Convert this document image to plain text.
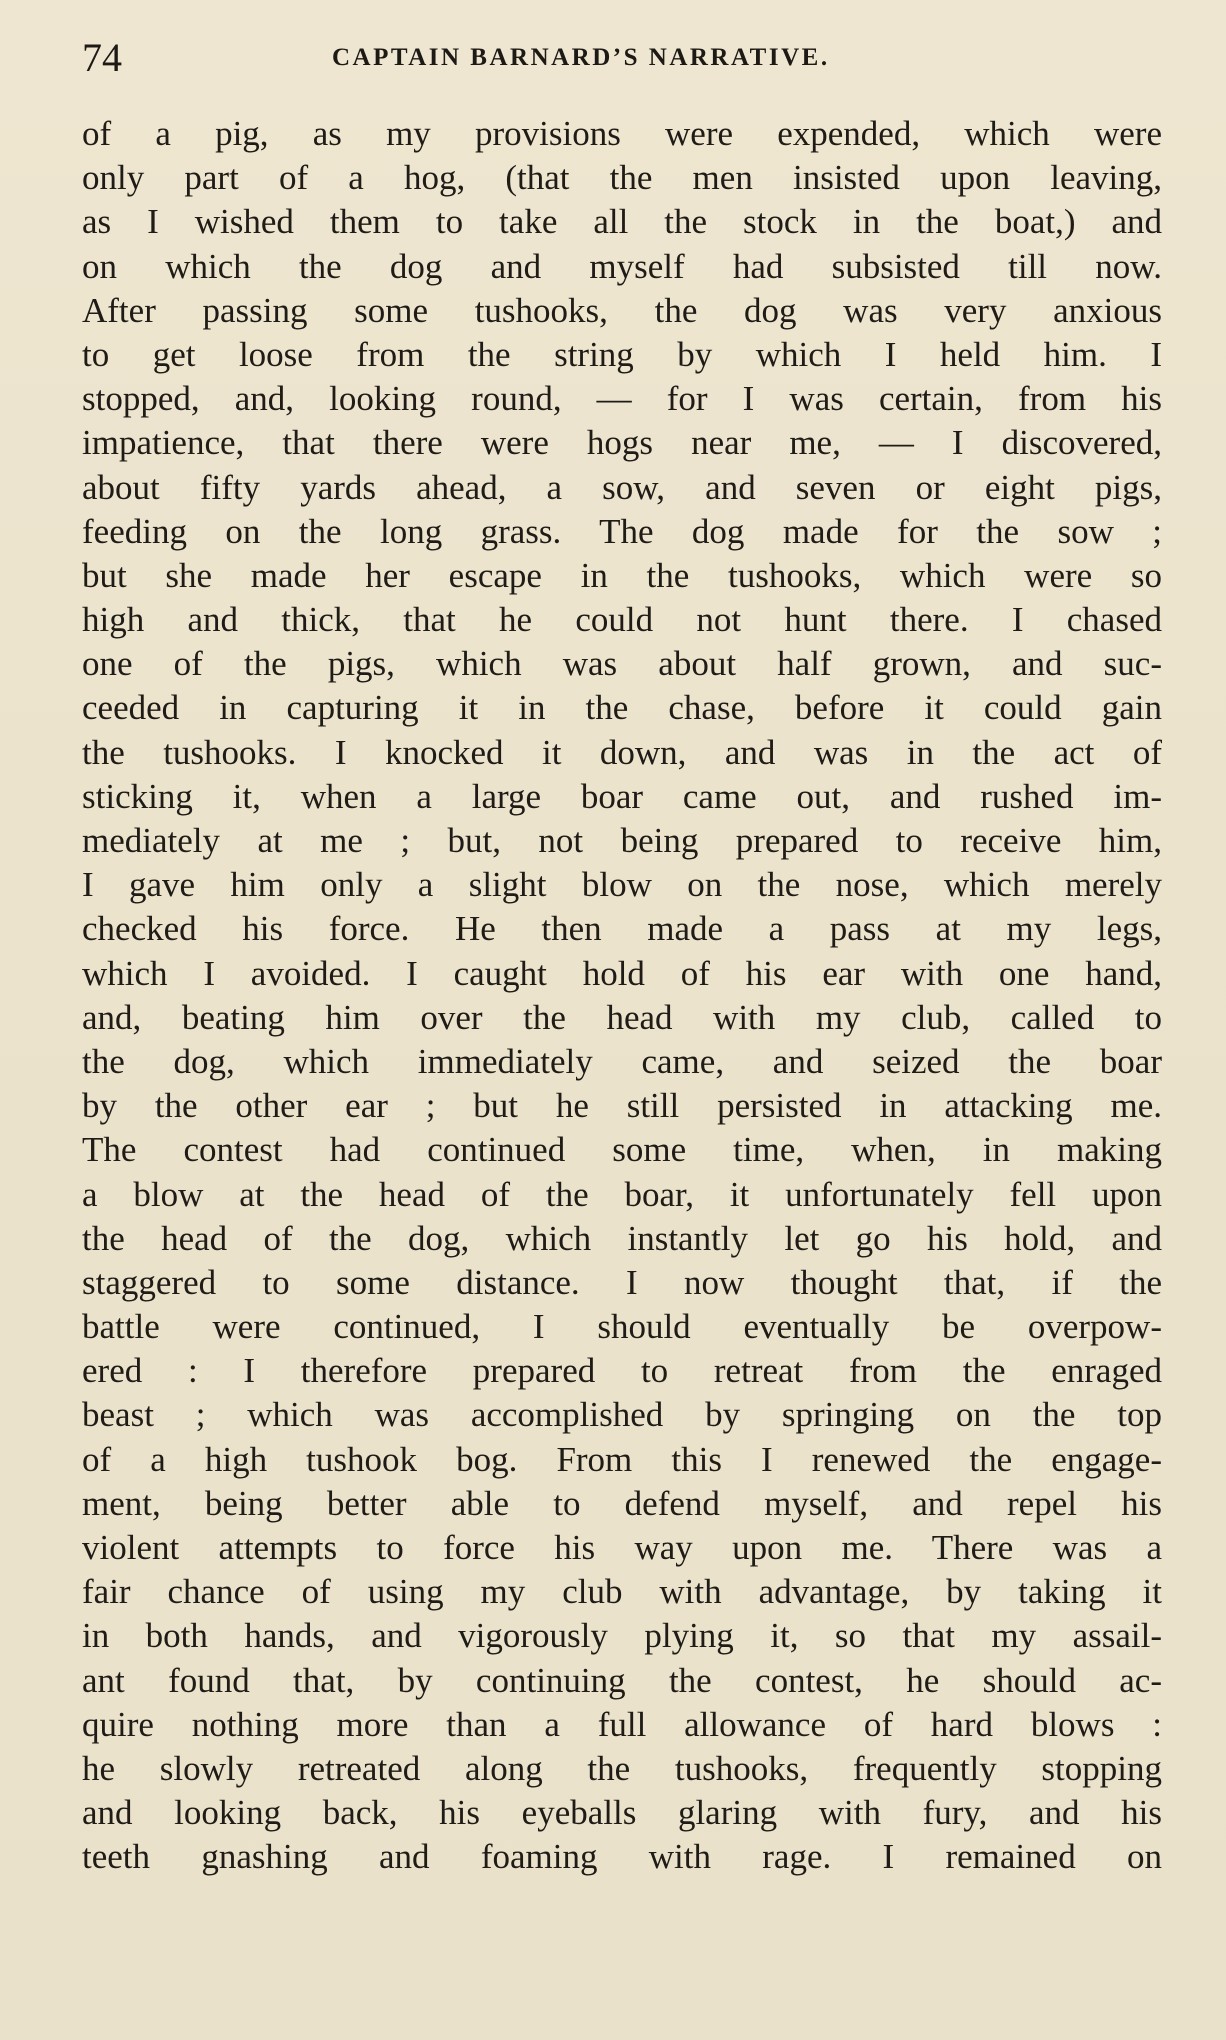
74	CAPTAIN BARNARD’S NARRATIVE.
of a pig, as my provisions were expended, which were
only part of a hog, (that the men insisted upon leaving,
as I wished them to take all the stock in the boat,) and
on which the dog and myself had subsisted till now.
After passing some tushooks, the dog was very anxious
to get loose from the string by which I held him. I
stopped, and, looking round, — for I was certain, from his
impatience, that there were hogs near me, — I discovered,
about fifty yards ahead, a sow, and seven or eight pigs,
feeding on the long grass. The dog made for the sow ;
but she made her escape in the tushooks, which were so
high and thick, that he could not hunt there. I chased
one of the pigs, which was about half grown, and suc-
ceeded in capturing it in the chase, before it could gain
the tushooks. I knocked it down, and was in the act of
sticking it, when a large boar came out, and rushed im-
mediately at me ; but, not being prepared to receive him,
I gave him only a slight blow on the nose, which merely
checked his force. He then made a pass at my legs,
which I avoided. I caught hold of his ear with one hand,
and, beating him over the head with my club, called to
the dog, which immediately came, and seized the boar
by the other ear ; but he still persisted in attacking me.
The contest had continued some time, when, in making
a blow at the head of the boar, it unfortunately fell upon
the head of the dog, which instantly let go his hold, and
staggered to some distance. I now thought that, if the
battle were continued, I should eventually be overpow-
ered : I therefore prepared to retreat from the enraged
beast ; which was accomplished by springing on the top
of a high tushook bog. From this I renewed the engage-
ment, being better able to defend myself, and repel his
violent attempts to force his way upon me. There was a
fair chance of using my club with advantage, by taking it
in both hands, and vigorously plying it, so that my assail-
ant found that, by continuing the contest, he should ac-
quire nothing more than a full allowance of hard blows :
he slowly retreated along the tushooks, frequently stopping
and looking back, his eyeballs glaring with fury, and his
teeth gnashing and foaming with rage. I remained on
